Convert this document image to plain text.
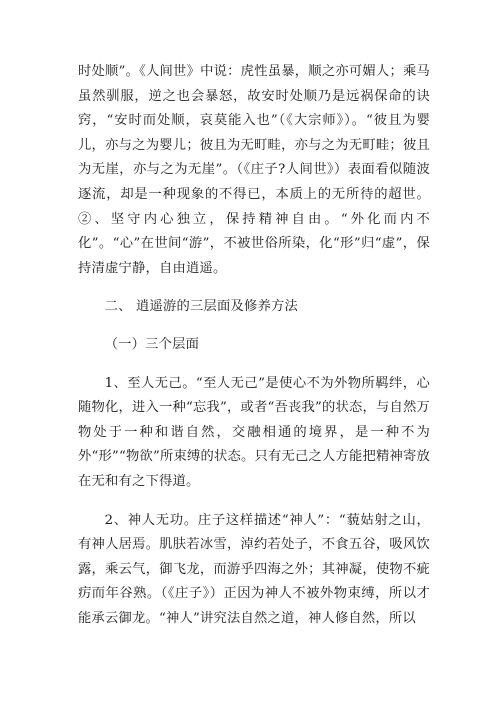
时处顺”。《人间世》中说：虎性虽暴，顺之亦可媚人；乘马虽然驯服，逆之也会暴怒，故安时处顺乃是远祸保命的诀窍，“安时而处顺，哀莫能入也”（《大宗师》）。“彼且为婴儿，亦与之为婴儿；彼且为无町畦，亦与之为无町畦；彼且为无崖，亦与之为无崖”。（《庄子?人间世》）表面看似随波逐流，却是一种现象的不得已，本质上的无所待的超世。②、坚守内心独立，保持精神自由。“外化而内不化”。“心”在世间“游”，不被世俗所染，化“形”归“虚”，保持清虚宁静，自由逍遥。

二、 逍遥游的三层面及修养方法

（一）三个层面

1、至人无己。“至人无己”是使心不为外物所羁绊，心随物化，进入一种“忘我”，或者“吾丧我”的状态，与自然万物处于一种和谐自然，交融相通的境界，是一种不为外“形”“物欲”所束缚的状态。只有无己之人方能把精神寄放在无和有之下得道。

2、神人无功。庄子这样描述“神人”：“藐姑射之山，有神人居焉。肌肤若冰雪，淖约若处子，不食五谷，吸风饮露，乘云气，御飞龙，而游乎四海之外；其神凝，使物不疵疠而年谷熟。（《庄子》）正因为神人不被外物束缚，所以才能承云御龙。“神人”讲究法自然之道，神人修自然，所以
